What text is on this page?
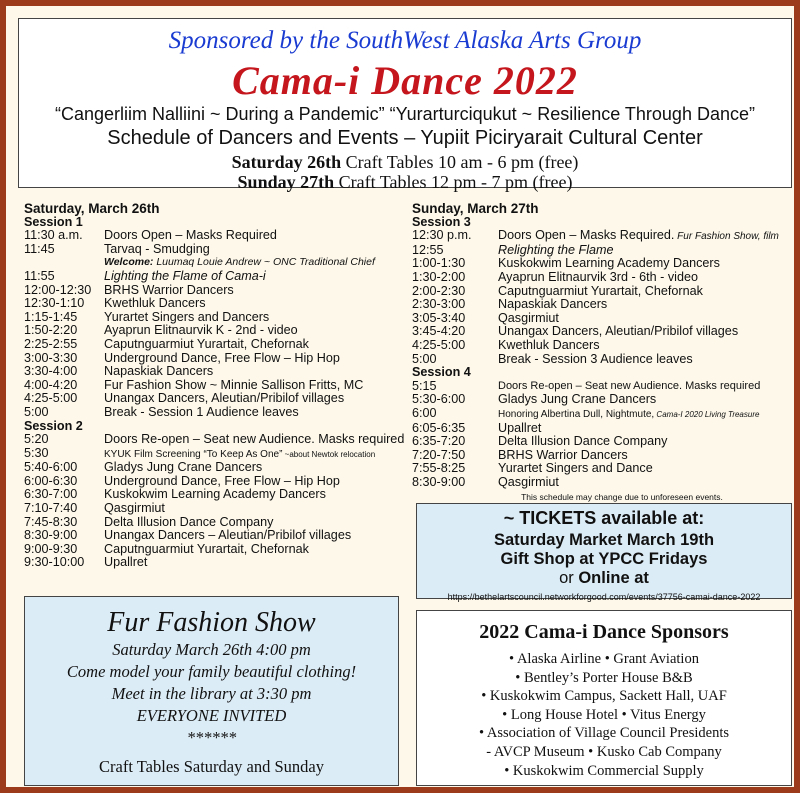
Sponsored by the SouthWest Alaska Arts Group
Cama-i Dance 2022
“Cangerliim Nalliini ~ During a Pandemic” “Yurarturciqukut ~ Resilience Through Dance”
Schedule of Dancers and Events – Yupiit Piciryarait Cultural Center
Saturday 26th Craft Tables 10 am - 6 pm (free)
Sunday 27th Craft Tables 12 pm - 7 pm (free)
Saturday, March 26th
Session 1
11:30 a.m.	Doors Open – Masks Required
11:45	Tarvaq - Smudging
Welcome: Luumaq Louie Andrew ~ ONC Traditional Chief
11:55	Lighting the Flame of Cama-i
12:00-12:30	BRHS Warrior Dancers
12:30-1:10	Kwethluk Dancers
1:15-1:45	Yurartet Singers and Dancers
1:50-2:20	Ayaprun Elitnaurvik K - 2nd - video
2:25-2:55	Caputnguarmiut Yurartait, Chefornak
3:00-3:30	Underground Dance, Free Flow – Hip Hop
3:30-4:00	Napaskiak Dancers
4:00-4:20	Fur Fashion Show ~ Minnie Sallison Fritts, MC
4:25-5:00	Unangax Dancers, Aleutian/Pribilof villages
5:00	Break - Session 1 Audience leaves
Session 2
5:20	Doors Re-open – Seat new Audience. Masks required
5:30	KYUK Film Screening “To Keep As One” ~about Newtok relocation
5:40-6:00	Gladys Jung Crane Dancers
6:00-6:30	Underground Dance, Free Flow – Hip Hop
6:30-7:00	Kuskokwim Learning Academy Dancers
7:10-7:40	Qasgirmiut
7:45-8:30	Delta Illusion Dance Company
8:30-9:00	Unangax Dancers – Aleutian/Pribilof villages
9:00-9:30	Caputnguarmiut Yurartait, Chefornak
9:30-10:00	Upallret
Sunday, March 27th
Session 3
12:30 p.m.	Doors Open – Masks Required. Fur Fashion Show, film
12:55	Relighting the Flame
1:00-1:30	Kuskokwim Learning Academy Dancers
1:30-2:00	Ayaprun Elitnaurvik 3rd - 6th - video
2:00-2:30	Caputnguarmiut Yurartait, Chefornak
2:30-3:00	Napaskiak Dancers
3:05-3:40	Qasgirmiut
3:45-4:20	Unangax Dancers, Aleutian/Pribilof villages
4:25-5:00	Kwethluk Dancers
5:00	Break - Session 3 Audience leaves
Session 4
5:15	Doors Re-open – Seat new Audience. Masks required
5:30-6:00	Gladys Jung Crane Dancers
6:00	Honoring Albertina Dull, Nightmute, Cama-I 2020 Living Treasure
6:05-6:35	Upallret
6:35-7:20	Delta Illusion Dance Company
7:20-7:50	BRHS Warrior Dancers
7:55-8:25	Yurartet Singers and Dance
8:30-9:00	Qasgirmiut
This schedule may change due to unforeseen events.
~ TICKETS available at:
Saturday Market March 19th
Gift Shop at YPCC Fridays
or Online at
https://bethelartscouncil.networkforgood.com/events/37756-camai-dance-2022
Fur Fashion Show
Saturday March 26th 4:00 pm
Come model your family beautiful clothing!
Meet in the library at 3:30 pm
EVERYONE INVITED
******
Craft Tables Saturday and Sunday
2022 Cama-i Dance Sponsors
• Alaska Airline • Grant Aviation
• Bentley’s Porter House B&B
• Kuskokwim Campus, Sackett Hall, UAF
• Long House Hotel • Vitus Energy
• Association of Village Council Presidents
- AVCP Museum • Kusko Cab Company
• Kuskokwim Commercial Supply
